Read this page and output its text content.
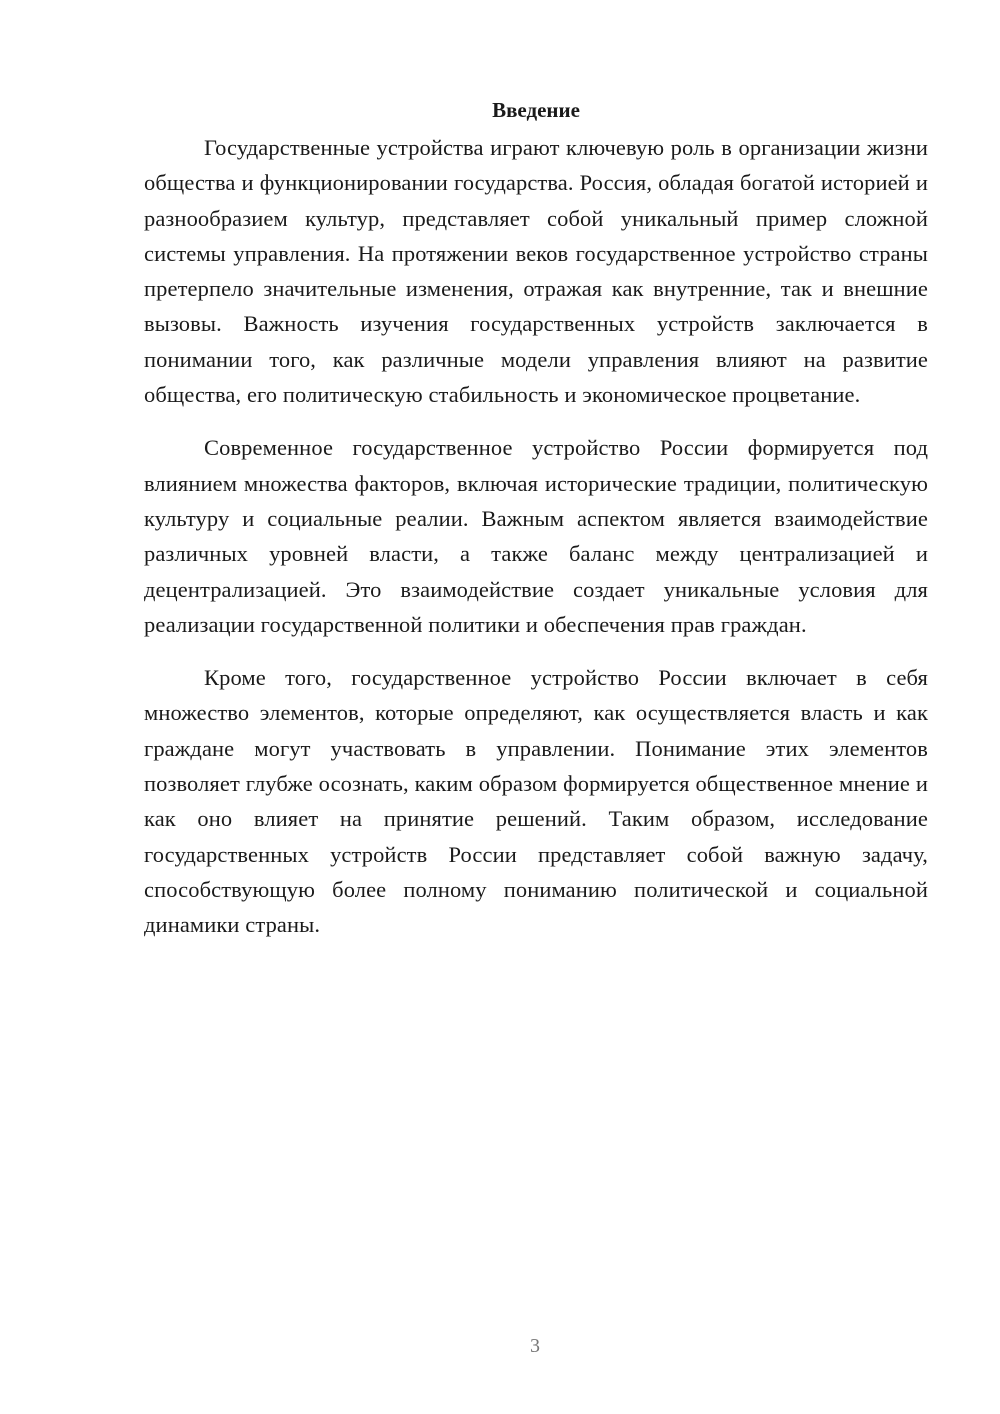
Введение

Государственные устройства играют ключевую роль в организации жизни общества и функционировании государства. Россия, обладая богатой историей и разнообразием культур, представляет собой уникальный пример сложной системы управления. На протяжении веков государственное устройство страны претерпело значительные изменения, отражая как внутренние, так и внешние вызовы. Важность изучения государственных устройств заключается в понимании того, как различные модели управления влияют на развитие общества, его политическую стабильность и экономическое процветание.

Современное государственное устройство России формируется под влиянием множества факторов, включая исторические традиции, политическую культуру и социальные реалии. Важным аспектом является взаимодействие различных уровней власти, а также баланс между централизацией и децентрализацией. Это взаимодействие создает уникальные условия для реализации государственной политики и обеспечения прав граждан.

Кроме того, государственное устройство России включает в себя множество элементов, которые определяют, как осуществляется власть и как граждане могут участвовать в управлении. Понимание этих элементов позволяет глубже осознать, каким образом формируется общественное мнение и как оно влияет на принятие решений. Таким образом, исследование государственных устройств России представляет собой важную задачу, способствующую более полному пониманию политической и социальной динамики страны.

3
